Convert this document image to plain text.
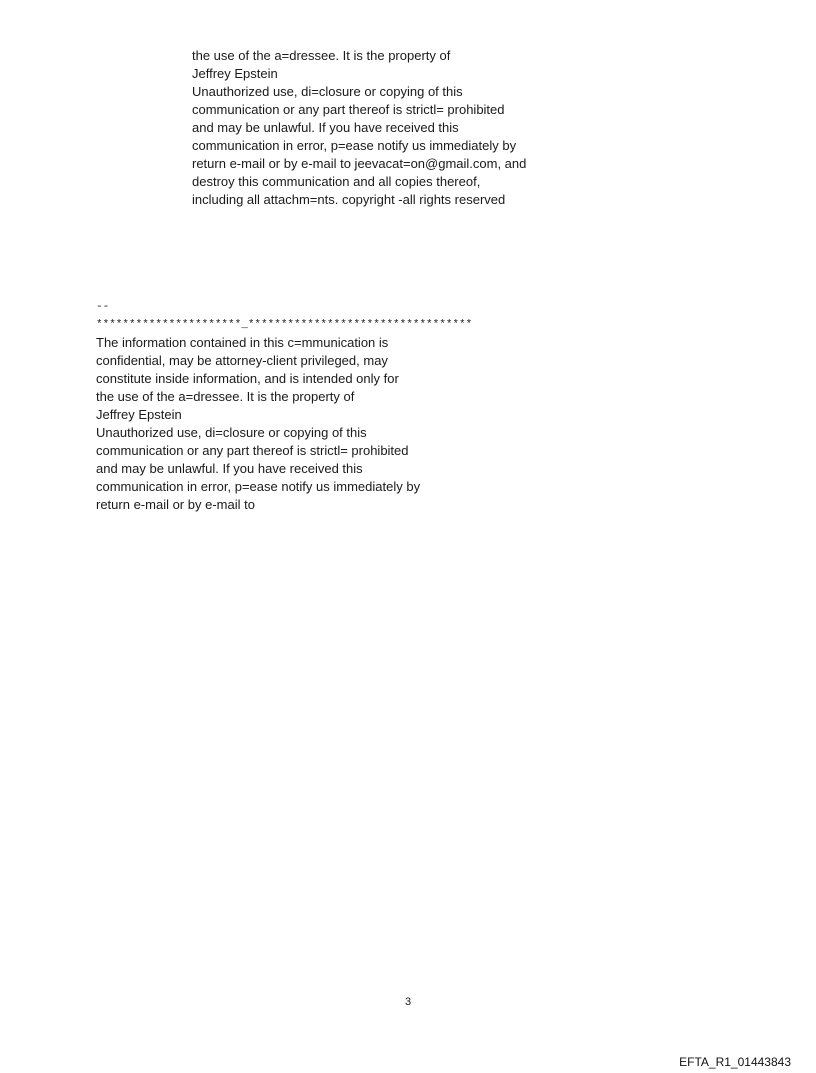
the use of the a=dressee. It is the property of
Jeffrey Epstein
Unauthorized use, di=closure or copying of this
communication or any part thereof is strictl= prohibited
and may be unlawful. If you have received this
communication in error, p=ease notify us immediately by
return e-mail or by e-mail to jeevacat=on@gmail.com, and
destroy this communication and all copies thereof,
including all attachm=nts. copyright -all rights reserved
--
**********************_**********************************
The information contained in this c=mmunication is
confidential, may be attorney-client privileged, may
constitute inside information, and is intended only for
the use of the a=dressee. It is the property of
Jeffrey Epstein
Unauthorized use, di=closure or copying of this
communication or any part thereof is strictl= prohibited
and may be unlawful. If you have received this
communication in error, p=ease notify us immediately by
return e-mail or by e-mail to
3
EFTA_R1_01443843
